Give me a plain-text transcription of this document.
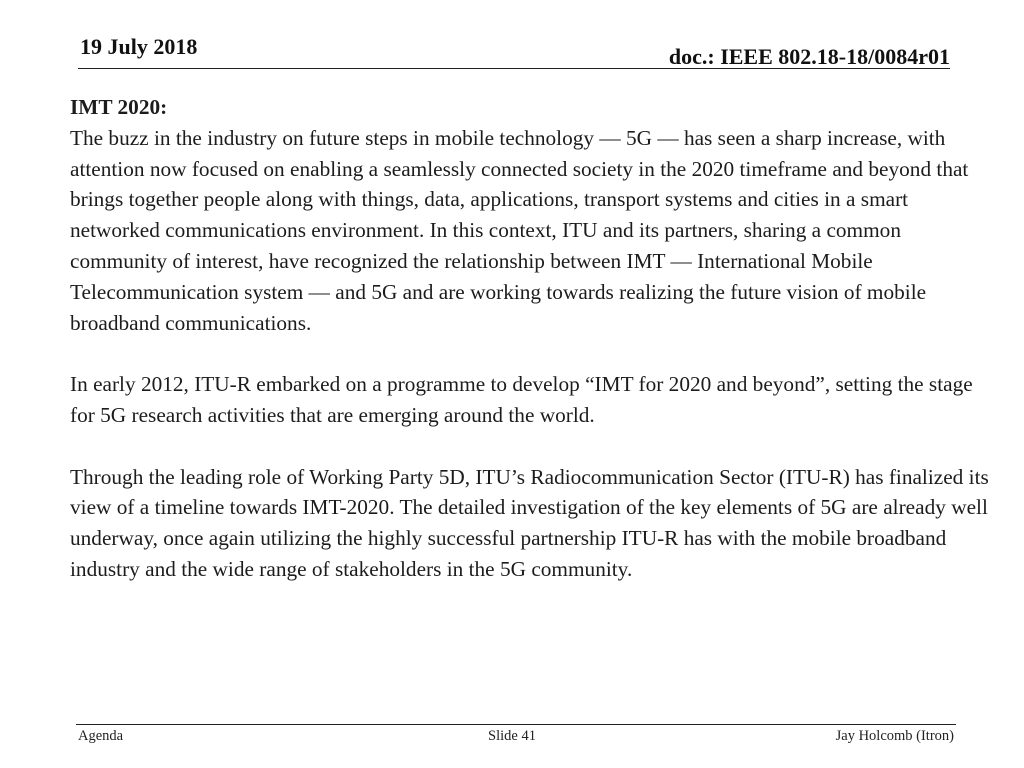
19 July 2018	doc.: IEEE 802.18-18/0084r01

IMT 2020:

The buzz in the industry on future steps in mobile technology — 5G — has seen a sharp increase, with attention now focused on enabling a seamlessly connected society in the 2020 timeframe and beyond that brings together people along with things, data, applications, transport systems and cities in a smart networked communications environment. In this context, ITU and its partners, sharing a common community of interest, have recognized the relationship between IMT — International Mobile Telecommunication system — and 5G and are working towards realizing the future vision of mobile broadband communications.

In early 2012, ITU-R embarked on a programme to develop “IMT for 2020 and beyond”, setting the stage for 5G research activities that are emerging around the world.

Through the leading role of Working Party 5D, ITU’s Radiocommunication Sector (ITU-R) has finalized its view of a timeline towards IMT-2020. The detailed investigation of the key elements of 5G are already well underway, once again utilizing the highly successful partnership ITU-R has with the mobile broadband industry and the wide range of stakeholders in the 5G community.

Agenda	Slide 41	Jay Holcomb (Itron)
